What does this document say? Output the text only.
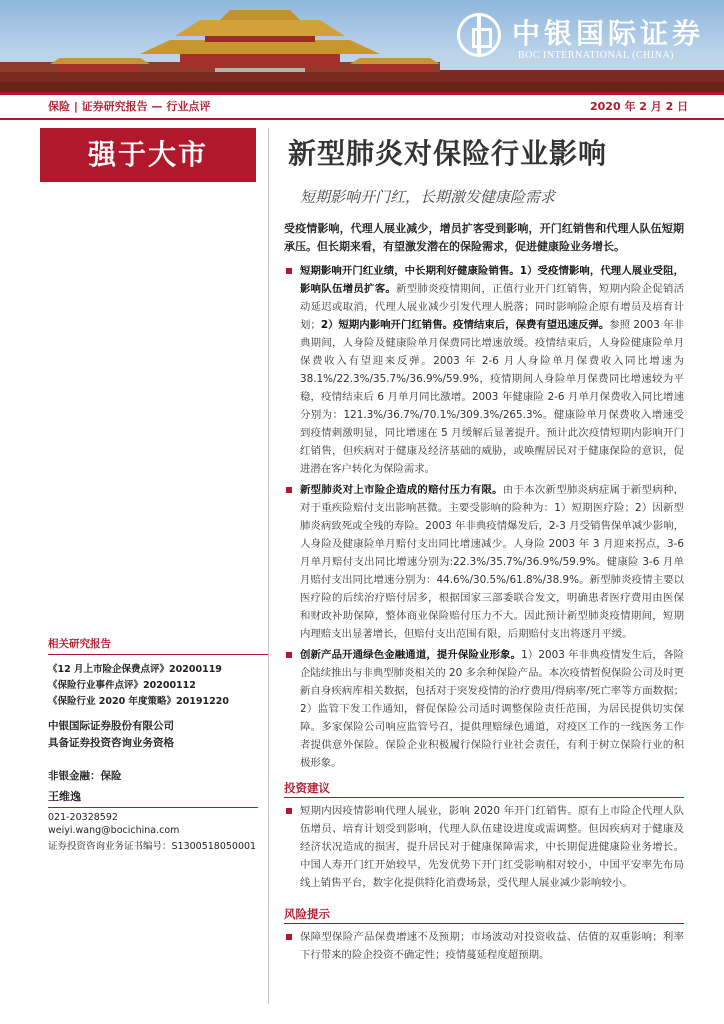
中银国际证券
BOC INTERNATIONAL (CHINA)
保险 | 证券研究报告 — 行业点评	2020 年 2 月 2 日
强于大市
相关研究报告

《12 月上市险企保费点评》20200119

《保险行业事件点评》20200112

《保险行业 2020 年度策略》20191220

中银国际证券股份有限公司

具备证券投资咨询业务资格

非银金融：保险

王维逸

021-20328592

weiyi.wang@bocichina.com

证券投资咨询业务证书编号：S1300518050001

新型肺炎对保险行业影响
短期影响开门红，长期激发健康险需求
受疫情影响，代理人展业减少，增员扩客受到影响，开门红销售和代理人队伍短期承压。但长期来看，有望激发潜在的保险需求，促进健康险业务增长。
短期影响开门红业绩，中长期利好健康险销售。1）受疫情影响，代理人展业受阻，影响队伍增员扩客。新型肺炎疫情期间，正值行业开门红销售，短期内险企促销活动延迟或取消，代理人展业减少引发代理人脱落；同时影响险企原有增员及培育计划；2）短期内影响开门红销售。疫情结束后，保费有望迅速反弹。参照 2003 年非典期间，人身险及健康险单月保费同比增速放缓。疫情结束后，人身险健康险单月保费收入有望迎来反弹。2003 年 2-6 月人身险单月保费收入同比增速为 38.1%/22.3%/35.7%/36.9%/59.9%，疫情期间人身险单月保费同比增速较为平稳，疫情结束后 6 月单月同比激增。2003 年健康险 2-6 月单月保费收入同比增速分别为：121.3%/36.7%/70.1%/309.3%/265.3%。健康险单月保费收入增速受到疫情刺激明显，同比增速在 5 月缓解后显著提升。预计此次疫情短期内影响开门红销售，但疾病对于健康及经济基础的威胁，或唤醒居民对于健康保险的意识，促进潜在客户转化为保险需求。
新型肺炎对上市险企造成的赔付压力有限。由于本次新型肺炎病症属于新型病种，对于重疾险赔付支出影响甚微。主要受影响的险种为：1）短期医疗险；2）因新型肺炎病致死或全残的寿险。2003 年非典疫情爆发后，2-3 月受销售保单减少影响，人身险及健康险单月赔付支出同比增速减少。人身险 2003 年 3 月迎来拐点，3-6 月单月赔付支出同比增速分别为:22.3%/35.7%/36.9%/59.9%。健康险 3-6 月单月赔付支出同比增速分别为：44.6%/30.5%/61.8%/38.9%。新型肺炎疫情主要以医疗险的后续治疗赔付居多，根据国家三部委联合发文，明确患者医疗费用由医保和财政补助保障，整体商业保险赔付压力不大。因此预计新型肺炎疫情期间，短期内理赔支出显著增长，但赔付支出范围有限，后期赔付支出将逐月平缓。
创新产品开通绿色金融通道，提升保险业形象。1）2003 年非典疫情发生后，各险企陆续推出与非典型肺炎相关的 20 多余种保险产品。本次疫情暂倪保险公司及时更新自身疾病库相关数据，包括对于突发疫情的治疗费用/得病率/死亡率等方面数据；2）监管下发工作通知，督促保险公司适时调整保险责任范围，为居民提供切实保障。多家保险公司响应监管号召，提供理赔绿色通道，对疫区工作的一线医务工作者提供意外保险。保险企业积极履行保险行业社会责任，有利于树立保险行业的积极形象。
投资建议
短期内因疫情影响代理人展业，影响 2020 年开门红销售。原有上市险企代理人队伍增员、培育计划受到影响，代理人队伍建设进度或需调整。但因疾病对于健康及经济状况造成的损害，提升居民对于健康保障需求，中长期促进健康险业务增长。中国人寿开门红开始较早，先发优势下开门红受影响相对较小，中国平安率先布局线上销售平台，数字化提供特化消费场景，受代理人展业减少影响较小。
风险提示
保障型保险产品保费增速不及预期；市场波动对投资收益、估值的双重影响；利率下行带来的险企投资不确定性；疫情蔓延程度超预期。
